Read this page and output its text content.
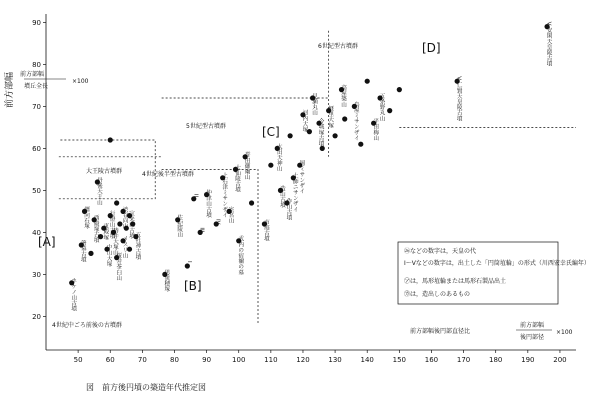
50	60	70	80	90	100	110	120	130	140	150	160	170	180	190	200
20
30
40
50
60
70
80
90
ホケノ山古墳
箸墓古墳
纒向石塚 西殿塚古墳
丹後天王山
東殿塚
中山大塚
行燈山古墳
椿井大塚山
桜井茶臼山
渋谷向山
メスリ山
宝来山古墳
五社神古墳
男狭穂塚
佐紀陵山
I
II
III
仲津山古墳
IV
上石津ミサンザイ 室宮山
大仙陵古墳
武内の宿禰の墓
誉田御廟山
市庭古墳
太田天神山
造山古墳
作山古墳 土師ニサンザイ 岡ミサンザイ
河内大塚
見瀬丸山
今城塚古墳
軽里大塚
高屋築山
鳥屋ミサンザイ 平田梅山
五条野丸山	V 仁賢天皇陵古墳
V 安閑天皇陵古墳
前方部幅 前方部幅
墳丘全長
×100
前方部幅後円部直径比
前方部幅
後円部径
×100
[A]
[B]
[C]
[D]
4世紀中ごろ前後の古墳群
4世紀後半型古墳群
5世紀型古墳群
6世紀型古墳群
大王陵古墳群
㉖などの数字は，天皇の代
Ⅰ〜Ⅴなどの数字は，出土した「円筒埴輪」の形式（川西宏幸氏編年）
㋐は，馬形埴輪または馬形石製品出土
㋕は，造出しのあるもの
図　前方後円墳の築造年代推定図
